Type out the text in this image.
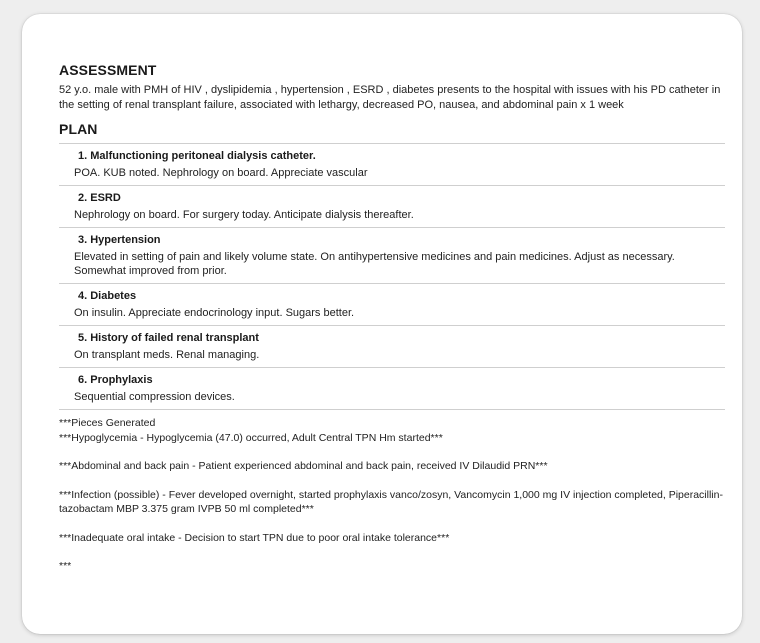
ASSESSMENT
52 y.o. male with PMH of HIV , dyslipidemia , hypertension , ESRD , diabetes presents to the hospital with issues with his PD catheter in the setting of renal transplant failure, associated with lethargy, decreased PO, nausea, and abdominal pain x 1 week
PLAN
1. Malfunctioning peritoneal dialysis catheter.
POA. KUB noted. Nephrology on board. Appreciate vascular
2. ESRD
Nephrology on board. For surgery today. Anticipate dialysis thereafter.
3. Hypertension
Elevated in setting of pain and likely volume state. On antihypertensive medicines and pain medicines. Adjust as necessary. Somewhat improved from prior.
4. Diabetes
On insulin. Appreciate endocrinology input. Sugars better.
5. History of failed renal transplant
On transplant meds. Renal managing.
6. Prophylaxis
Sequential compression devices.
***Pieces Generated
***Hypoglycemia - Hypoglycemia (47.0) occurred, Adult Central TPN Hm started***
***Abdominal and back pain - Patient experienced abdominal and back pain, received IV Dilaudid PRN***
***Infection (possible) - Fever developed overnight, started prophylaxis vanco/zosyn, Vancomycin 1,000 mg IV injection completed, Piperacillin-tazobactam MBP 3.375 gram IVPB 50 ml completed***
***Inadequate oral intake - Decision to start TPN due to poor oral intake tolerance***
***
